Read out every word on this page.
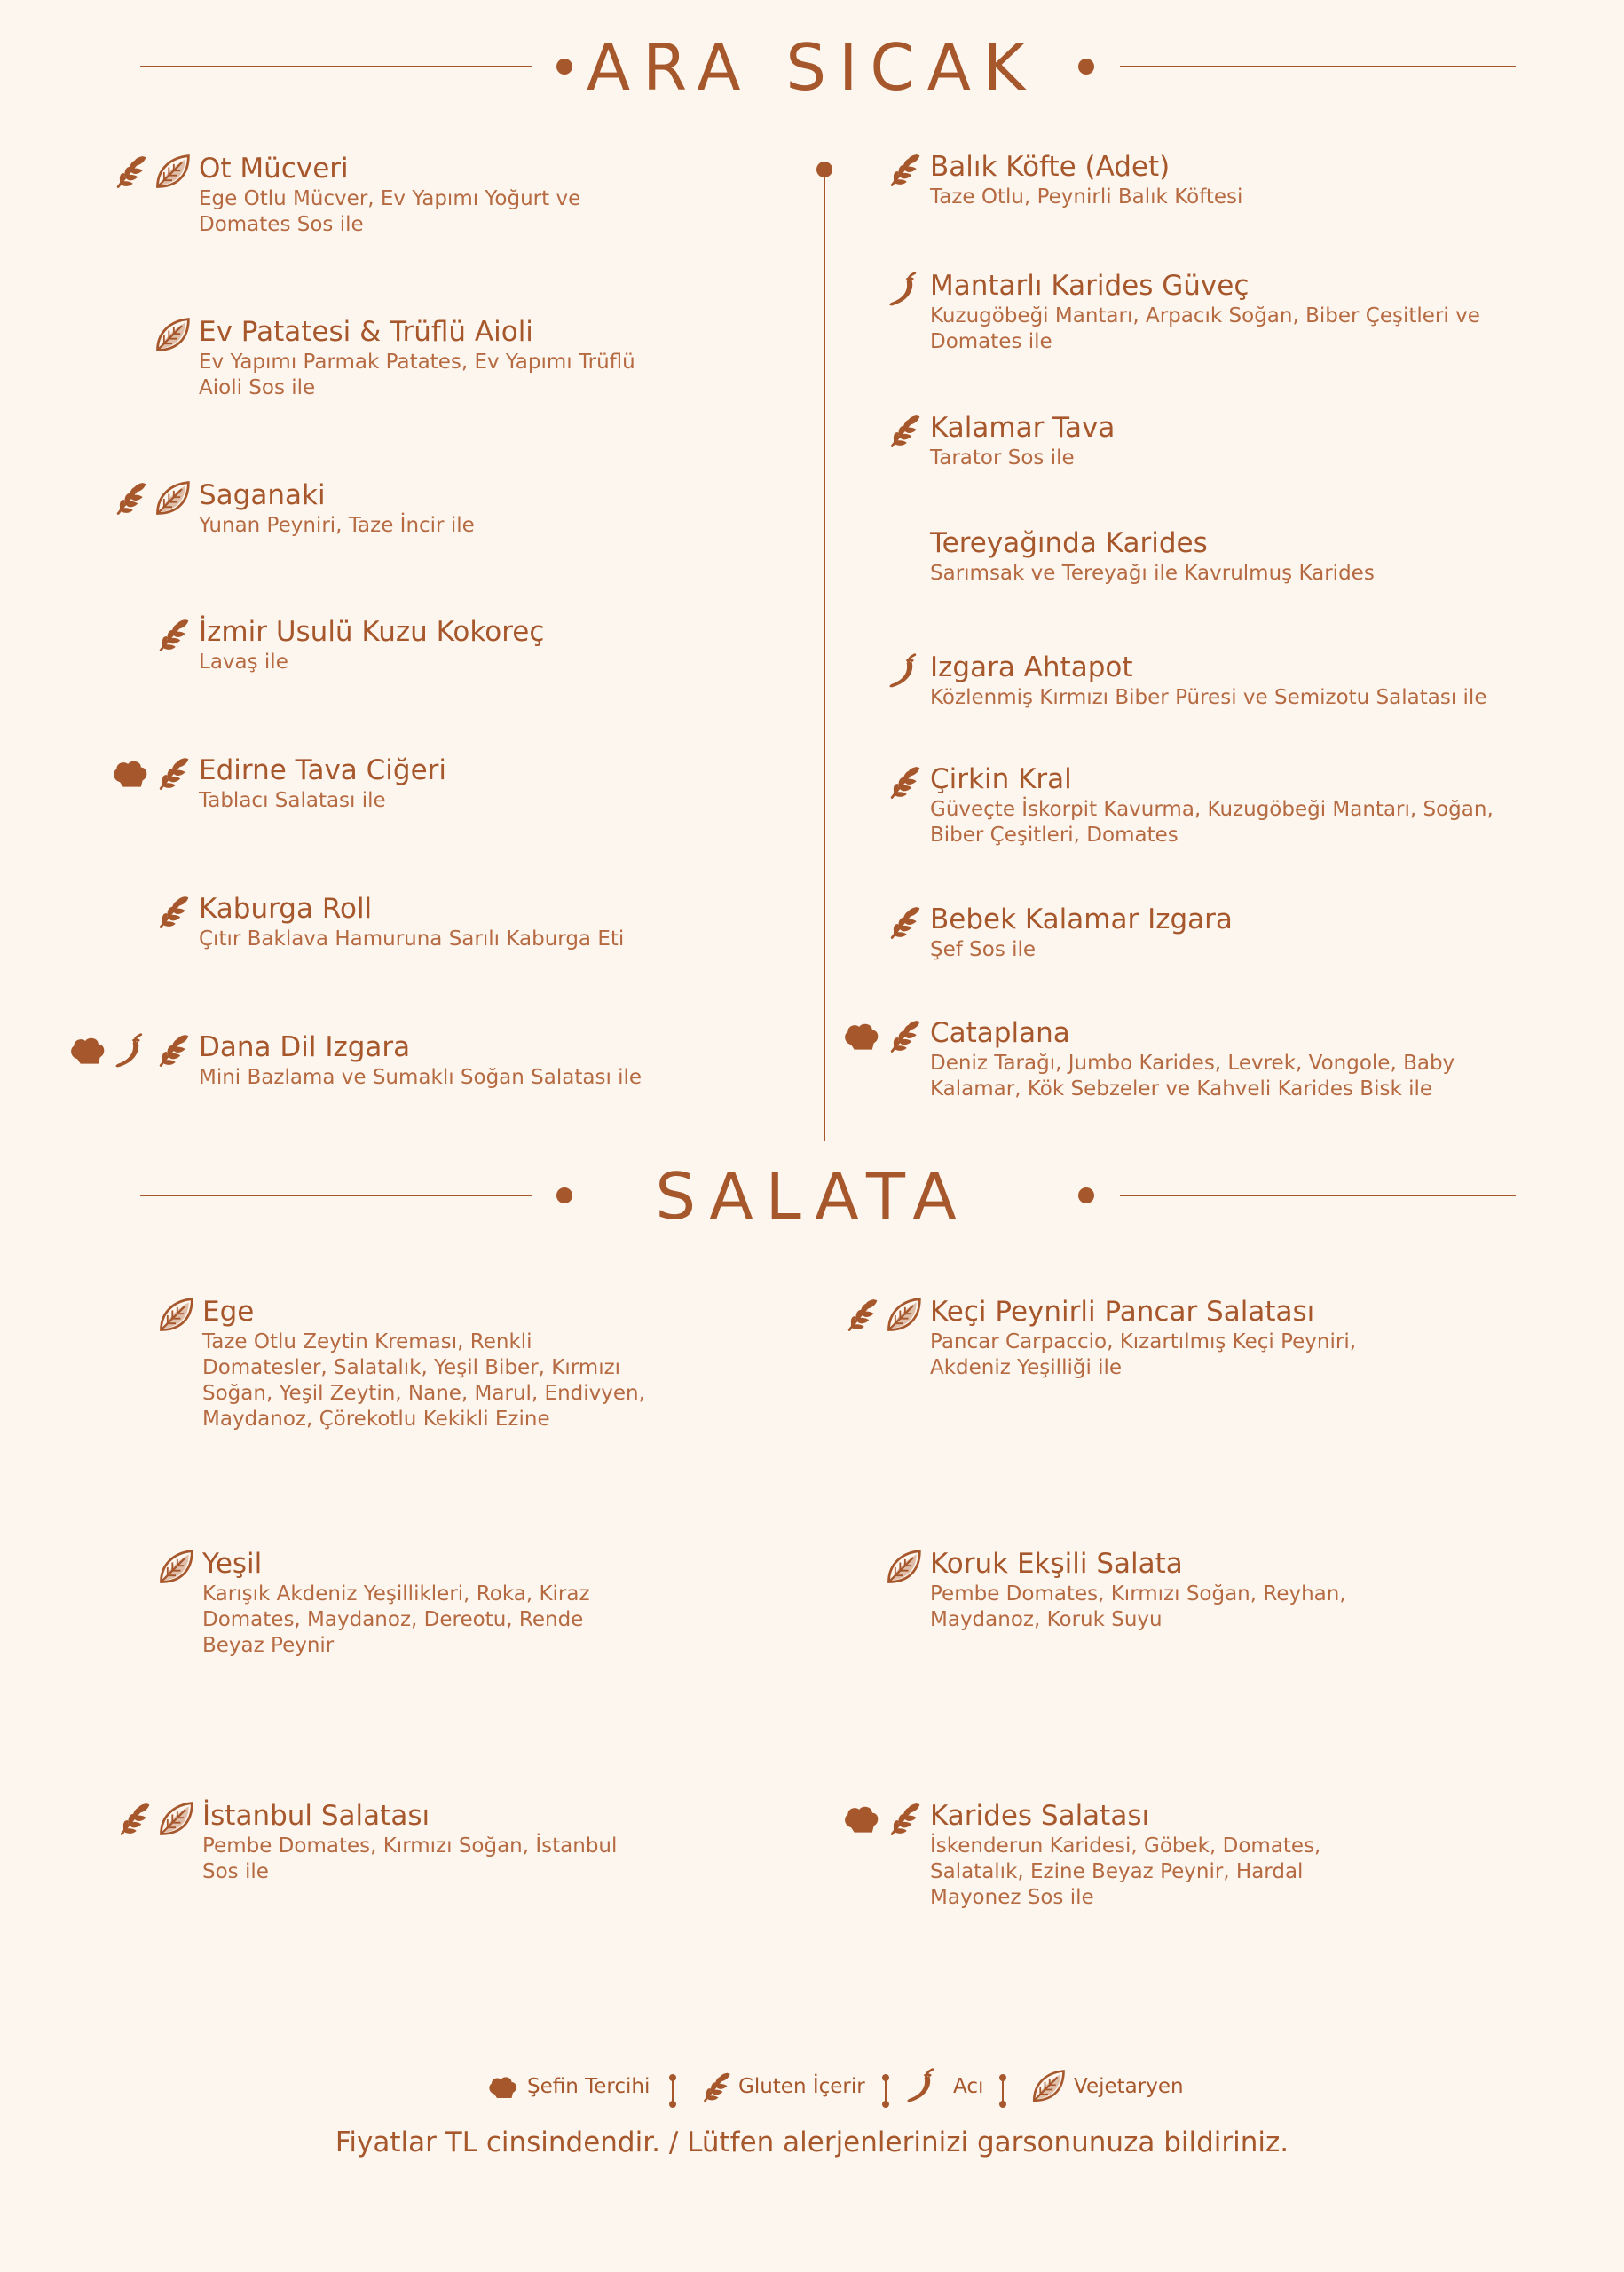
ARA SICAK
Ot Mücveri
Ege Otlu Mücver, Ev Yapımı Yoğurt ve Domates Sos ile
Ev Patatesi & Trüflü Aioli
Ev Yapımı Parmak Patates, Ev Yapımı Trüflü Aioli Sos ile
Saganaki
Yunan Peyniri, Taze İncir ile
İzmir Usulü Kuzu Kokoreç
Lavaş ile
Edirne Tava Ciğeri
Tablacı Salatası ile
Kaburga Roll
Çıtır Baklava Hamuruna Sarılı Kaburga Eti
Dana Dil Izgara
Mini Bazlama ve Sumaklı Soğan Salatası ile
Balık Köfte (Adet)
Taze Otlu, Peynirli Balık Köftesi
Mantarlı Karides Güveç
Kuzugöbeği Mantarı, Arpacık Soğan, Biber Çeşitleri ve Domates ile
Kalamar Tava
Tarator Sos ile
Tereyağında Karides
Sarımsak ve Tereyağı ile Kavrulmuş Karides
Izgara Ahtapot
Közlenmiş Kırmızı Biber Püresi ve Semizotu Salatası ile
Çirkin Kral
Güveçte İskorpit Kavurma, Kuzugöbeği Mantarı, Soğan, Biber Çeşitleri, Domates
Bebek Kalamar Izgara
Şef Sos ile
Cataplana
Deniz Tarağı, Jumbo Karides, Levrek, Vongole, Baby Kalamar, Kök Sebzeler ve Kahveli Karides Bisk ile
SALATA
Ege
Taze Otlu Zeytin Kreması, Renkli Domatesler, Salatalık, Yeşil Biber, Kırmızı Soğan, Yeşil Zeytin, Nane, Marul, Endivyen, Maydanoz, Çörekotlu Kekikli Ezine
Yeşil
Karışık Akdeniz Yeşillikleri, Roka, Kiraz Domates, Maydanoz, Dereotu, Rende Beyaz Peynir
İstanbul Salatası
Pembe Domates, Kırmızı Soğan, İstanbul Sos ile
Keçi Peynirli Pancar Salatası
Pancar Carpaccio, Kızartılmış Keçi Peyniri, Akdeniz Yeşilliği ile
Koruk Ekşili Salata
Pembe Domates, Kırmızı Soğan, Reyhan, Maydanoz, Koruk Suyu
Karides Salatası
İskenderun Karidesi, Göbek, Domates, Salatalık, Ezine Beyaz Peynir, Hardal Mayonez Sos ile
Şefin Tercihi	Gluten İçerir	Acı	Vejetaryen
Fiyatlar TL cinsindendir. / Lütfen alerjenlerinizi garsonunuza bildiriniz.
